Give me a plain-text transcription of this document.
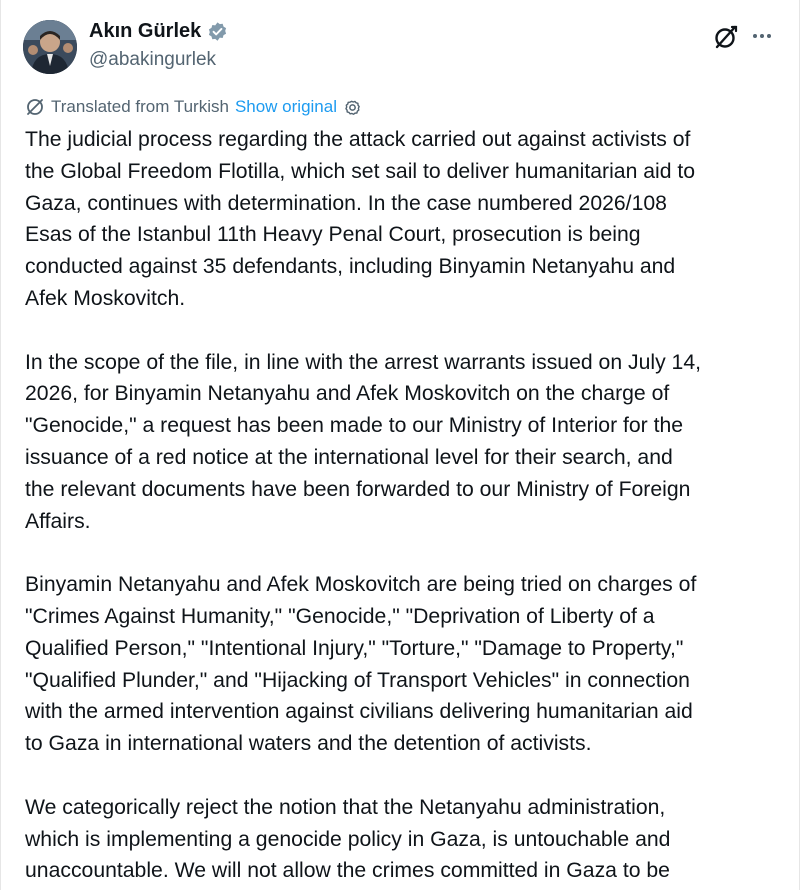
Akın Gürlek
@abakingurlek
Translated from Turkish Show original
The judicial process regarding the attack carried out against activists of
the Global Freedom Flotilla, which set sail to deliver humanitarian aid to
Gaza, continues with determination. In the case numbered 2026/108
Esas of the Istanbul 11th Heavy Penal Court, prosecution is being
conducted against 35 defendants, including Binyamin Netanyahu and
Afek Moskovitch.
In the scope of the file, in line with the arrest warrants issued on July 14,
2026, for Binyamin Netanyahu and Afek Moskovitch on the charge of
"Genocide," a request has been made to our Ministry of Interior for the
issuance of a red notice at the international level for their search, and
the relevant documents have been forwarded to our Ministry of Foreign
Affairs.
Binyamin Netanyahu and Afek Moskovitch are being tried on charges of
"Crimes Against Humanity," "Genocide," "Deprivation of Liberty of a
Qualified Person," "Intentional Injury," "Torture," "Damage to Property,"
"Qualified Plunder," and "Hijacking of Transport Vehicles" in connection
with the armed intervention against civilians delivering humanitarian aid
to Gaza in international waters and the detention of activists.
We categorically reject the notion that the Netanyahu administration,
which is implementing a genocide policy in Gaza, is untouchable and
unaccountable. We will not allow the crimes committed in Gaza to be
